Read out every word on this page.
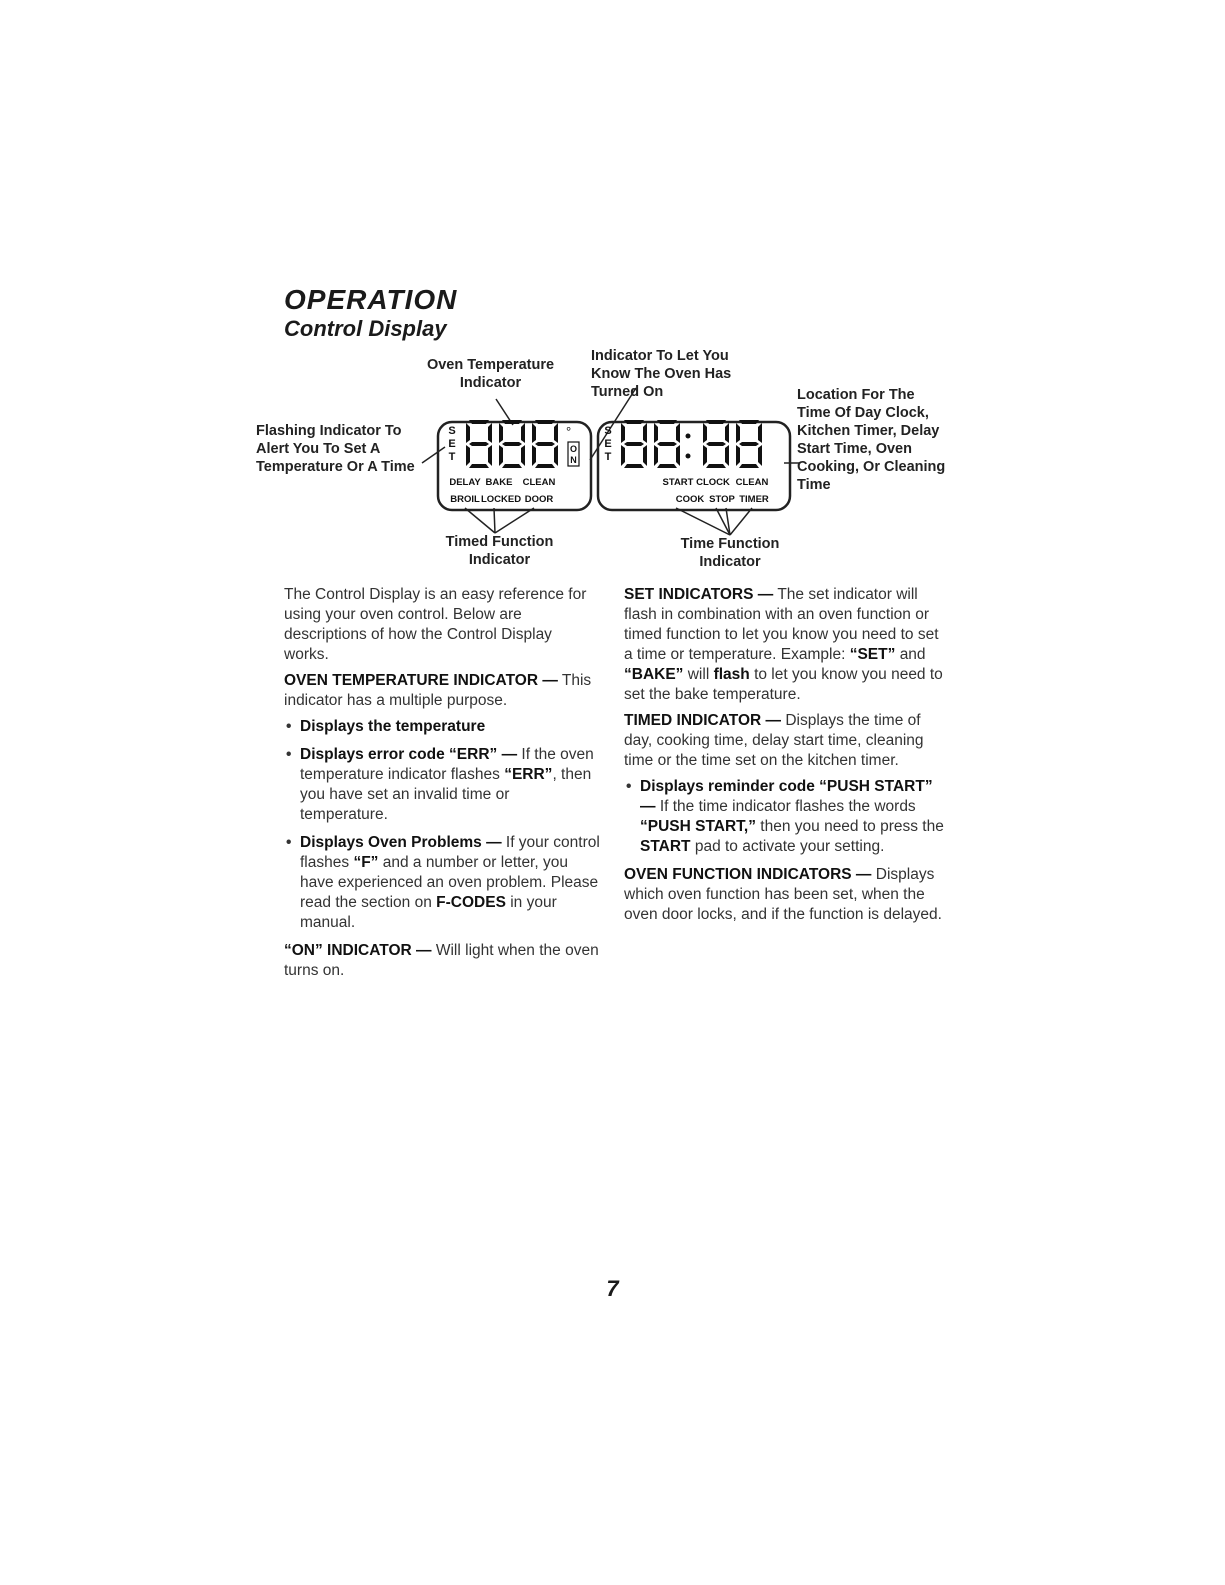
OPERATION
Control Display
Oven Temperature Indicator
Indicator To Let You Know The Oven Has Turned On	Location For The Time Of Day Clock, Kitchen Timer, Delay Start Time, Oven Cooking, Or Cleaning Time
Flashing Indicator To Alert You To Set A Temperature Or A Time
Timed Function Indicator
Time Function Indicator
S
E
T
S
E
T
°
O
N
DELAY BAKE CLEAN
BROIL LOCKED DOOR
START CLOCK CLEAN
COOK STOP TIMER

The Control Display is an easy reference for using your oven control. Below are descriptions of how the Control Display works.

OVEN TEMPERATURE INDICATOR — This indicator has a multiple purpose.

• Displays the temperature
• Displays error code “ERR” — If the oven temperature indicator flashes “ERR”, then you have set an invalid time or temperature.
• Displays Oven Problems — If your control flashes “F” and a number or letter, you have experienced an oven problem. Please read the section on F-CODES in your manual.

“ON” INDICATOR — Will light when the oven turns on.

SET INDICATORS — The set indicator will flash in combination with an oven function or timed function to let you know you need to set a time or temperature. Example: “SET” and “BAKE” will flash to let you know you need to set the bake temperature.

TIMED INDICATOR — Displays the time of day, cooking time, delay start time, cleaning time or the time set on the kitchen timer.

• Displays reminder code “PUSH START” — If the time indicator flashes the words “PUSH START,” then you need to press the START pad to activate your setting.

OVEN FUNCTION INDICATORS — Displays which oven function has been set, when the oven door locks, and if the function is delayed.

7
